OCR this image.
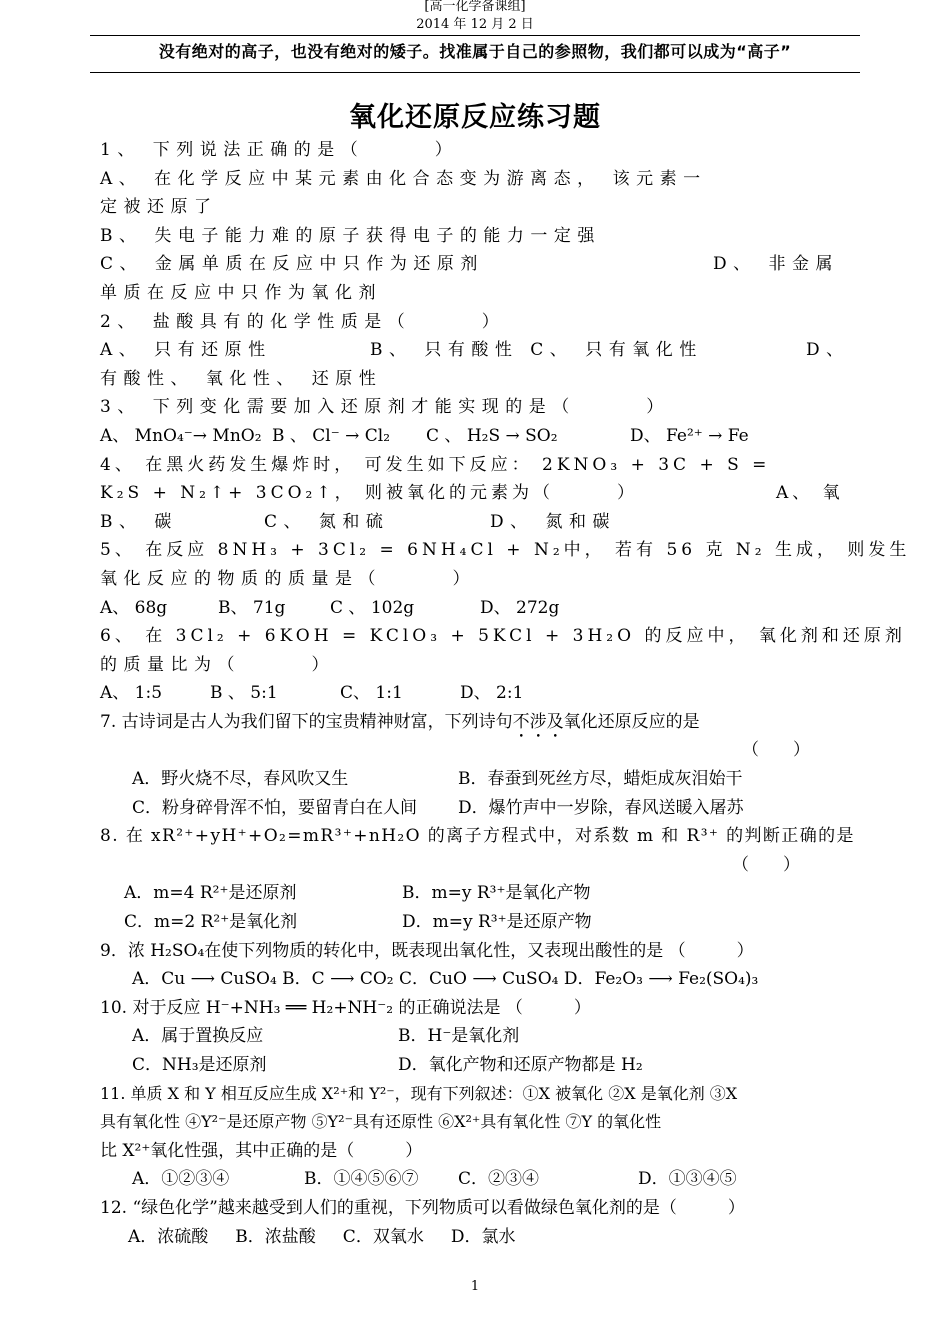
[高一化学备课组]
2014 年 12 月 2 日
没有绝对的高子，也没有绝对的矮子。找准属于自己的参照物，我们都可以成为“高子”
氧化还原反应练习题
1、 下列说法正确的是（　　　）
A、 在化学反应中某元素由化合态变为游离态， 该元素一
定被还原了
B、 失电子能力难的原子获得电子的能力一定强
C、 金属单质在反应中只作为还原剂	D、 非金属
单质在反应中只作为氧化剂
2、 盐酸具有的化学性质是（　　　）
A、 只有还原性	B、 只有酸性 C、 只有氧化性	D、
有酸性、 氧化性、 还原性
3、 下列变化需要加入还原剂才能实现的是（　　　）
A、 MnO₄⁻→ MnO₂ B 、 Cl⁻ → Cl₂ C 、 H₂S → SO₂	D、 Fe²⁺ → Fe
4、 在黑火药发生爆炸时， 可发生如下反应： 2KNO₃ + 3C + S =
K₂S + N₂↑+ 3CO₂↑， 则被氧化的元素为（　　　）	A、 氧
B、 碳	C、 氮和硫	D、 氮和碳
5、 在反应 8NH₃ + 3Cl₂ = 6NH₄Cl + N₂中， 若有 56 克 N₂ 生成， 则发生
氧化反应的物质的质量是（　　　）
A、 68g	B、 71g	C 、 102g	D、 272g
6、 在 3Cl₂ + 6KOH = KClO₃ + 5KCl + 3H₂O 的反应中， 氧化剂和还原剂
的质量比为（　　　）
A、 1:5	B 、 5:1	C、 1:1	D、 2:1
7. 古诗词是古人为我们留下的宝贵精神财富，下列诗句不涉及氧化还原反应的是
（　　）
A．野火烧不尽，春风吹又生	B．春蚕到死丝方尽，蜡炬成灰泪始干
C．粉身碎骨浑不怕，要留青白在人间 D．爆竹声中一岁除，春风送暖入屠苏
8. 在 xR²⁺+yH⁺+O₂=mR³⁺+nH₂O 的离子方程式中，对系数 m 和 R³⁺ 的判断正确的是
（　　）
A．m=4 R²⁺是还原剂	B．m=y R³⁺是氧化产物
C．m=2 R²⁺是氧化剂	D．m=y R³⁺是还原产物
9．浓 H₂SO₄在使下列物质的转化中，既表现出氧化性，又表现出酸性的是 （　　　）
A．Cu ⟶ CuSO₄ B．C ⟶ CO₂ C．CuO ⟶ CuSO₄ D．Fe₂O₃ ⟶ Fe₂(SO₄)₃
10. 对于反应 H⁻+NH₃ ══ H₂+NH⁻₂ 的正确说法是 （　　　）
A．属于置换反应	B．H⁻是氧化剂
C．NH₃是还原剂	D．氧化产物和还原产物都是 H₂
11. 单质 X 和 Y 相互反应生成 X²⁺和 Y²⁻，现有下列叙述：①X 被氧化 ②X 是氧化剂 ③X
具有氧化性 ④Y²⁻是还原产物 ⑤Y²⁻具有还原性 ⑥X²⁺具有氧化性 ⑦Y 的氧化性
比 X²⁺氧化性强，其中正确的是（　　　）
A．①②③④	B．①④⑤⑥⑦ C．②③④	D．①③④⑤
12. “绿色化学”越来越受到人们的重视，下列物质可以看做绿色氧化剂的是（　　　）
A．浓硫酸     B．浓盐酸     C．双氧水     D．氯水
1
